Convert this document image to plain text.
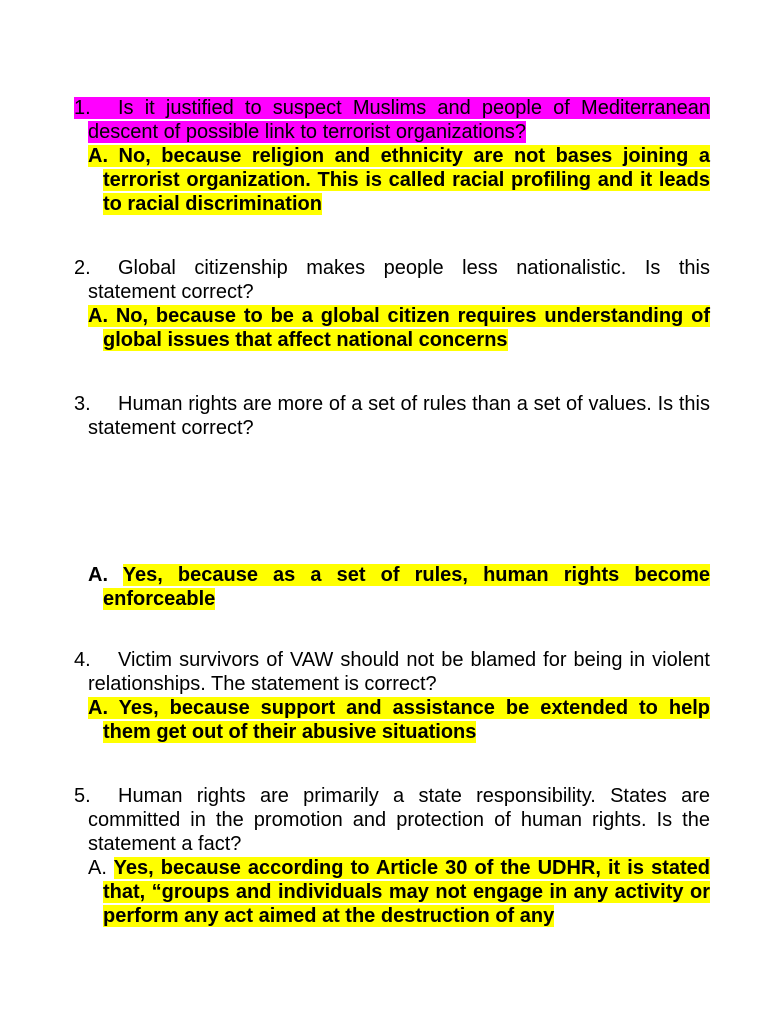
1. Is it justified to suspect Muslims and people of Mediterranean descent of possible link to terrorist organizations?

A. No, because religion and ethnicity are not bases joining a terrorist organization. This is called racial profiling and it leads to racial discrimination

2. Global citizenship makes people less nationalistic. Is this statement correct?

A. No, because to be a global citizen requires understanding of global issues that affect national concerns

3. Human rights are more of a set of rules than a set of values. Is this statement correct?

A. Yes, because as a set of rules, human rights become enforceable

4. Victim survivors of VAW should not be blamed for being in violent relationships. The statement is correct?

A. Yes, because support and assistance be extended to help them get out of their abusive situations

5. Human rights are primarily a state responsibility. States are committed in the promotion and protection of human rights. Is the statement a fact?

A. Yes, because according to Article 30 of the UDHR, it is stated that, “groups and individuals may not engage in any activity or perform any act aimed at the destruction of any
